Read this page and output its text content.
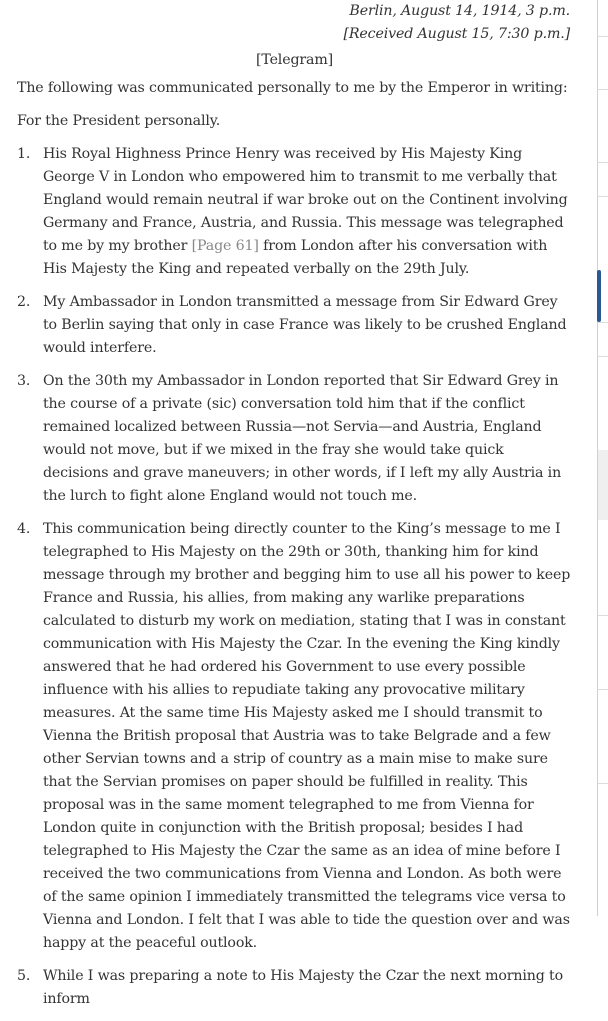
Berlin, August 14, 1914, 3 p.m.
[Received August 15, 7:30 p.m.]
[Telegram]

The following was communicated personally to me by the Emperor in writing:

For the President personally.

1. His Royal Highness Prince Henry was received by His Majesty King George V in London who empowered him to transmit to me verbally that England would remain neutral if war broke out on the Continent involving Germany and France, Austria, and Russia. This message was telegraphed to me by my brother [Page 61] from London after his conversation with His Majesty the King and repeated verbally on the 29th July.
2. My Ambassador in London transmitted a message from Sir Edward Grey to Berlin saying that only in case France was likely to be crushed England would interfere.
3. On the 30th my Ambassador in London reported that Sir Edward Grey in the course of a private (sic) conversation told him that if the conflict remained localized between Russia—not Servia—and Austria, England would not move, but if we mixed in the fray she would take quick decisions and grave maneuvers; in other words, if I left my ally Austria in the lurch to fight alone England would not touch me.
4. This communication being directly counter to the King’s message to me I telegraphed to His Majesty on the 29th or 30th, thanking him for kind message through my brother and begging him to use all his power to keep France and Russia, his allies, from making any warlike preparations calculated to disturb my work on mediation, stating that I was in constant communication with His Majesty the Czar. In the evening the King kindly answered that he had ordered his Government to use every possible influence with his allies to repudiate taking any provocative military measures. At the same time His Majesty asked me I should transmit to Vienna the British proposal that Austria was to take Belgrade and a few other Servian towns and a strip of country as a main mise to make sure that the Servian promises on paper should be fulfilled in reality. This proposal was in the same moment telegraphed to me from Vienna for London quite in conjunction with the British proposal; besides I had telegraphed to His Majesty the Czar the same as an idea of mine before I received the two communications from Vienna and London. As both were of the same opinion I immediately transmitted the telegrams vice versa to Vienna and London. I felt that I was able to tide the question over and was happy at the peaceful outlook.
5. While I was preparing a note to His Majesty the Czar the next morning to inform
